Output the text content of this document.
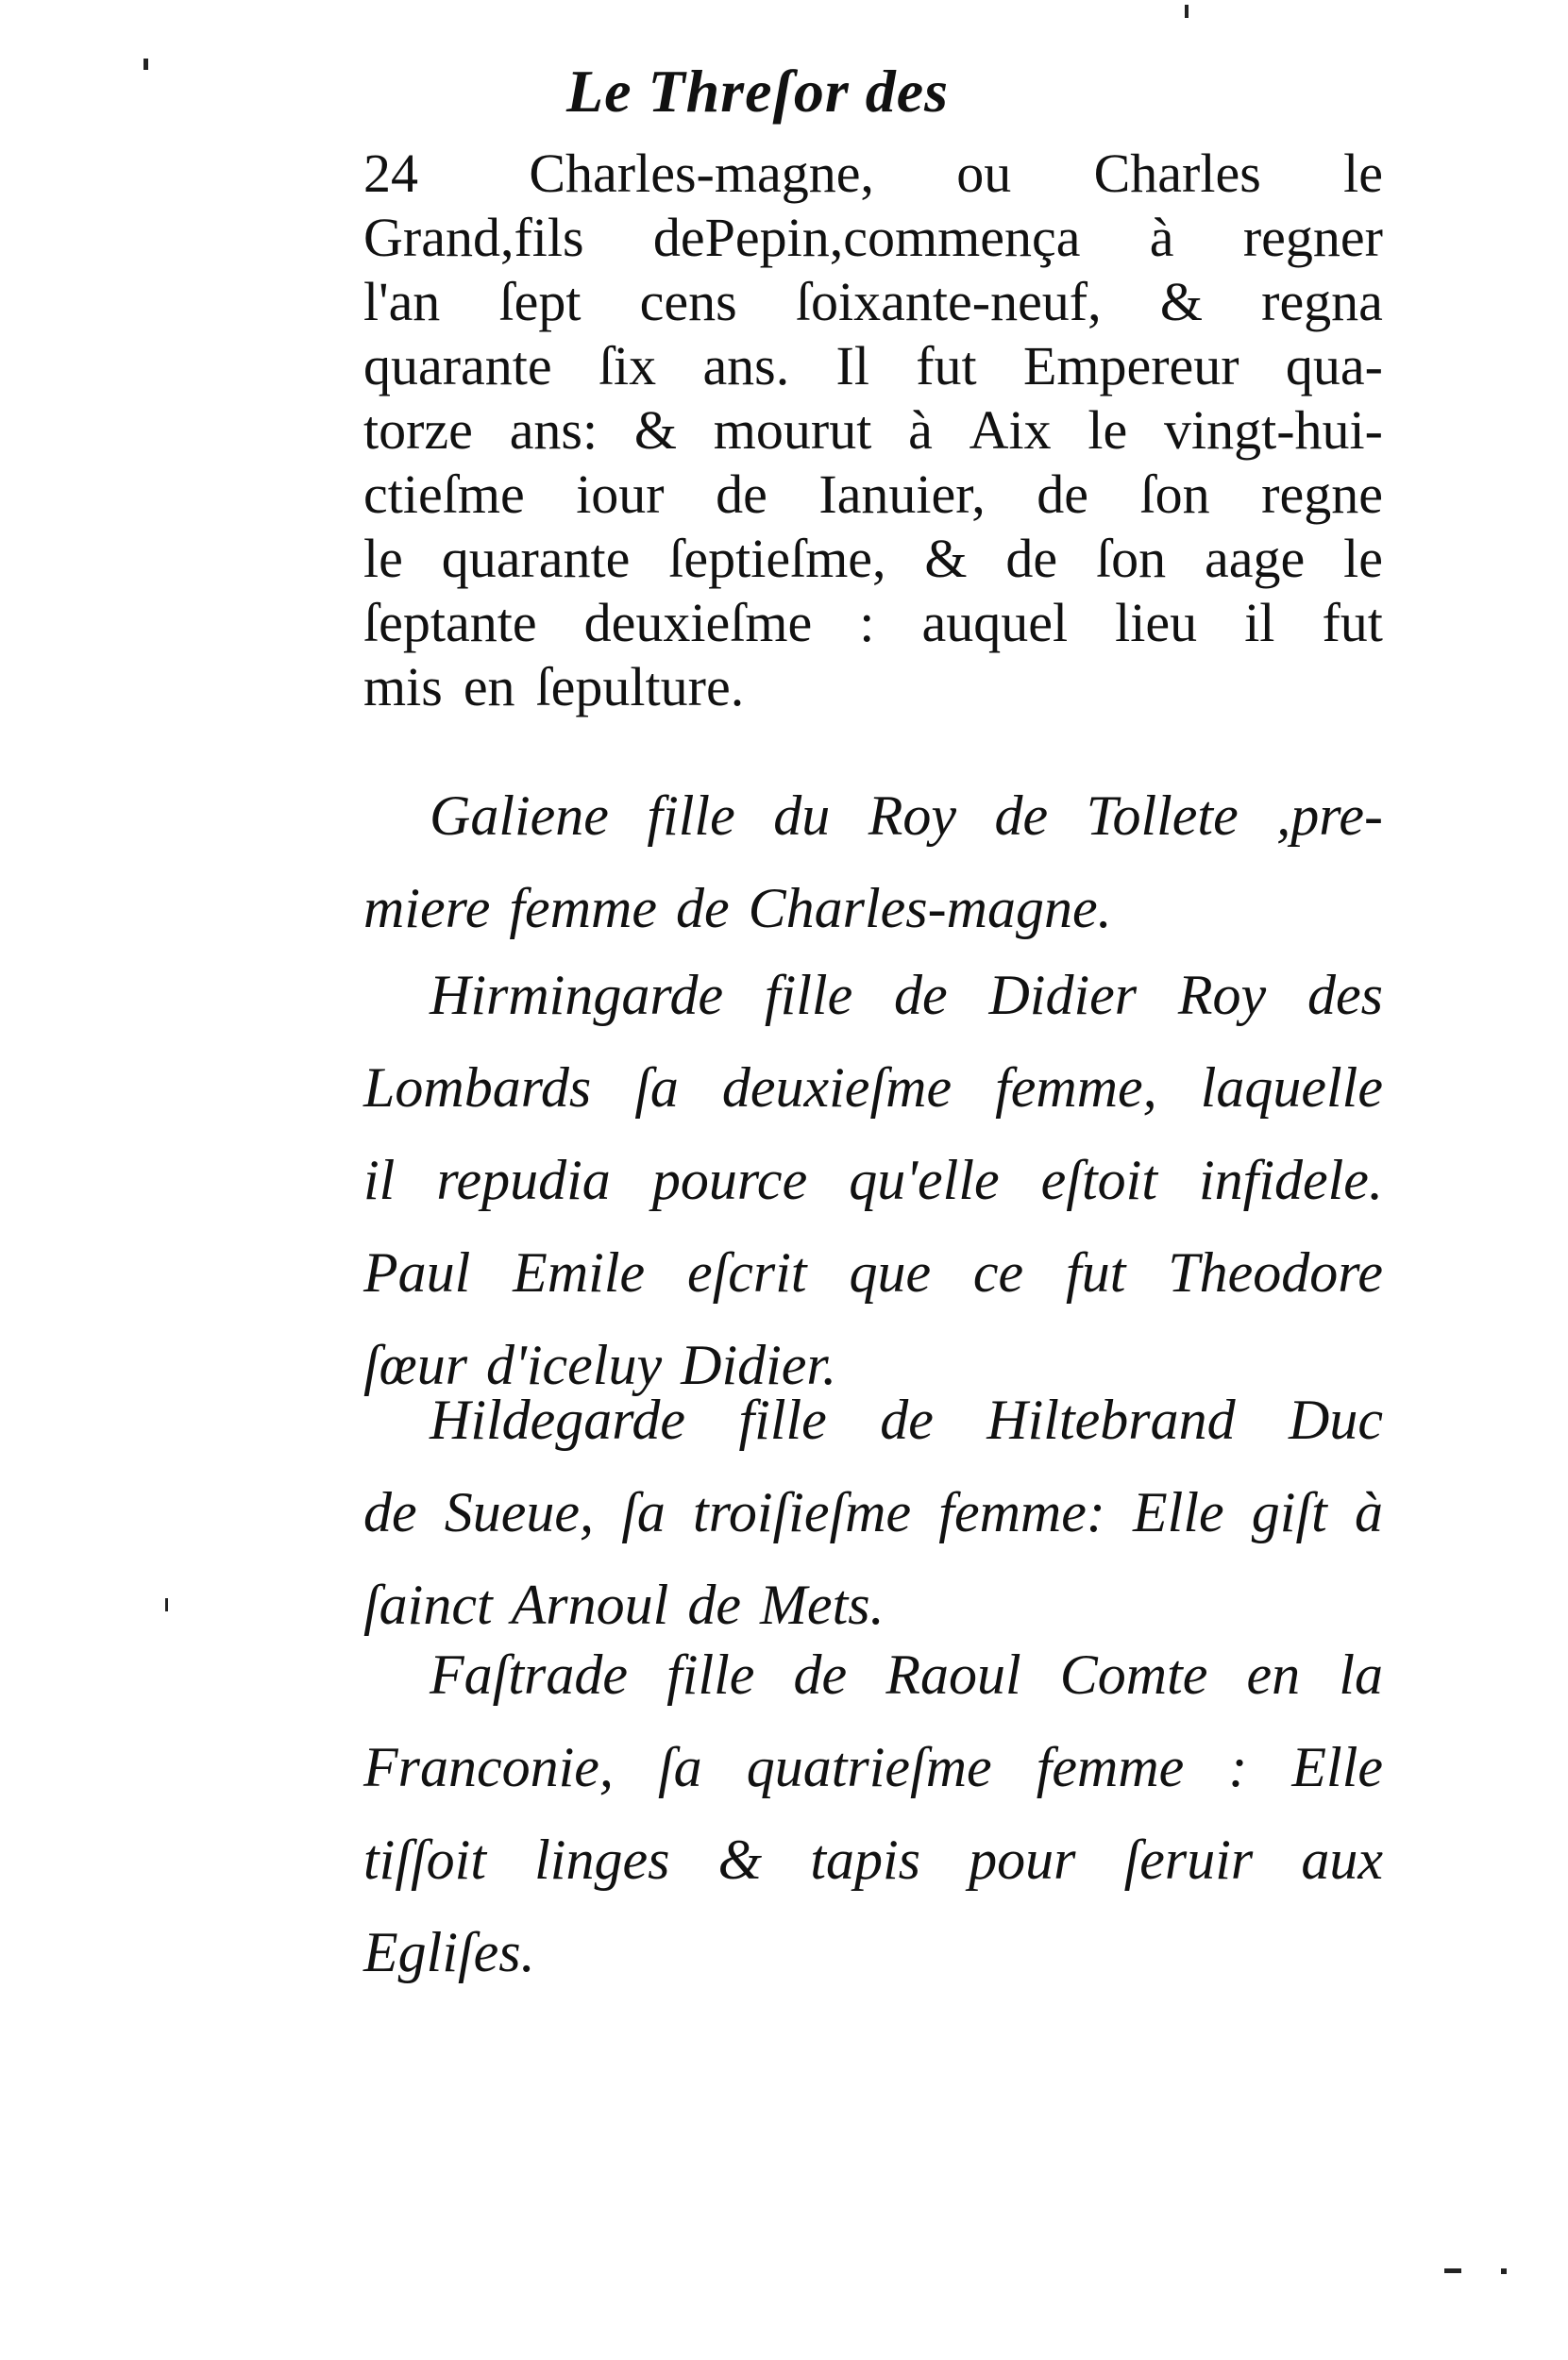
Le Threſor des
24 Charles-magne, ou Charles le
Grand,fils dePepin,commença à regner
l'an ſept cens ſoixante-neuf, & regna
quarante ſix ans. Il fut Empereur qua-
torze ans: & mourut à Aix le vingt-hui-
ctieſme iour de Ianuier, de ſon regne
le quarante ſeptieſme, & de ſon aage le
ſeptante deuxieſme : auquel lieu il fut
mis en ſepulture.
Galiene fille du Roy de Tollete ,pre-
miere femme de Charles-magne.
Hirmingarde fille de Didier Roy des
Lombards ſa deuxieſme femme, laquelle
il repudia pource qu'elle eſtoit infidele.
Paul Emile eſcrit que ce fut Theodore
ſœur d'iceluy Didier.
Hildegarde fille de Hiltebrand Duc
de Sueue, ſa troiſieſme femme: Elle giſt à
ſainct Arnoul de Mets.
Faſtrade fille de Raoul Comte en la
Franconie, ſa quatrieſme femme : Elle
tiſſoit linges & tapis pour ſeruir aux
Egliſes.
